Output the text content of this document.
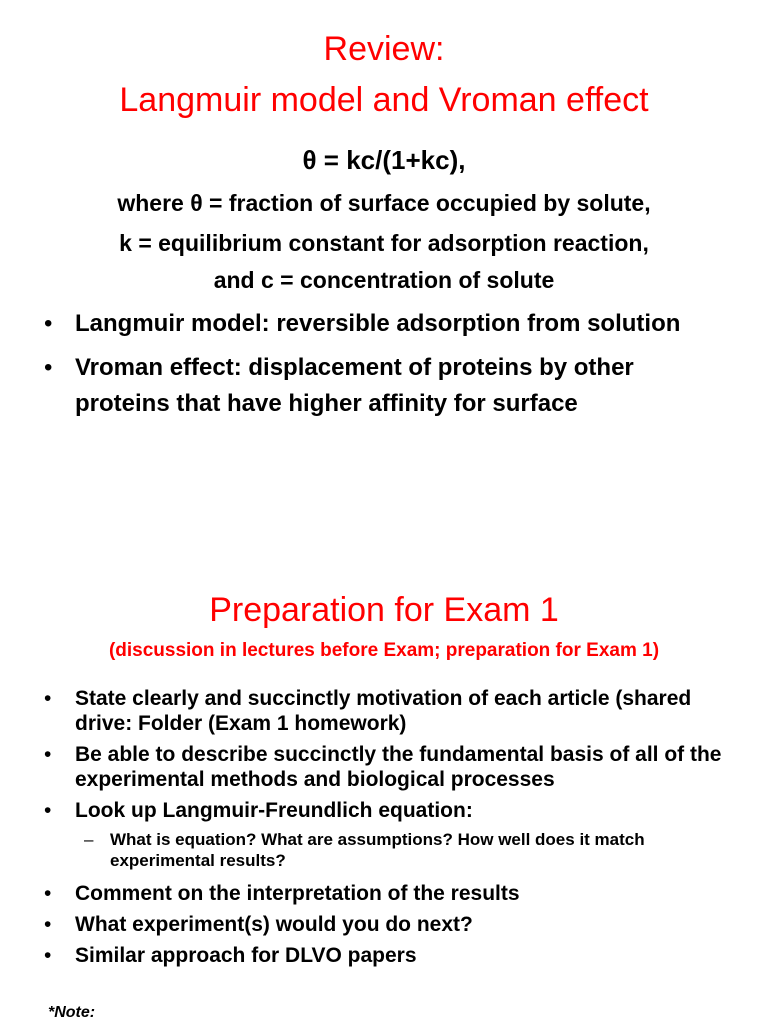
Review:
Langmuir model and Vroman effect
θ = kc/(1+kc),
where θ = fraction of surface occupied by solute,
k = equilibrium constant for adsorption reaction,
and c = concentration of solute
• Langmuir model: reversible adsorption from solution
• Vroman effect: displacement of proteins by other proteins that have higher affinity for surface
Preparation for Exam 1
(discussion in lectures before Exam; preparation for Exam 1)
• State clearly and succinctly motivation of each article (shared drive: Folder (Exam 1 homework)
• Be able to describe succinctly the fundamental basis of all of the experimental methods and biological processes
• Look up Langmuir-Freundlich equation:
– What is equation? What are assumptions? How well does it match experimental results?
• Comment on the interpretation of the results
• What experiment(s) would you do next?
• Similar approach for DLVO papers
*Note:
